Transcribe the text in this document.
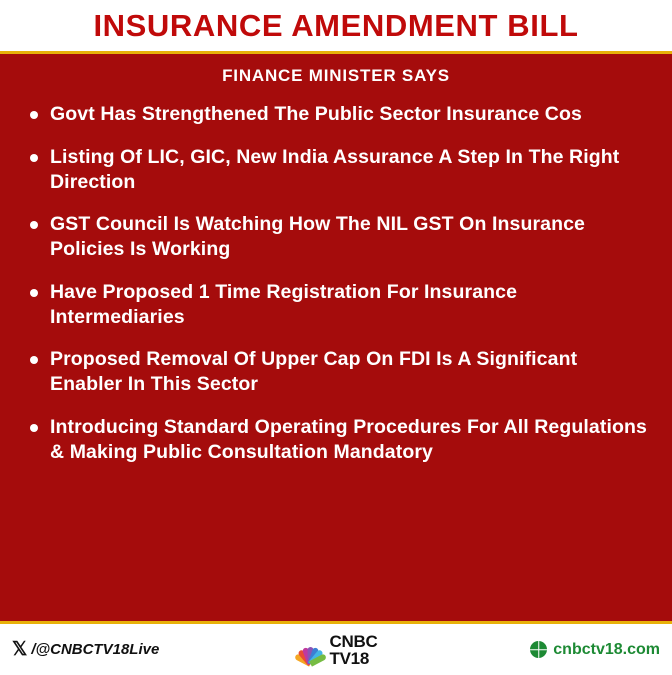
INSURANCE AMENDMENT BILL
FINANCE MINISTER SAYS
Govt Has Strengthened The Public Sector Insurance Cos
Listing Of LIC, GIC, New India Assurance A Step In The Right Direction
GST Council Is Watching How The NIL GST On Insurance Policies Is Working
Have Proposed 1 Time Registration For Insurance Intermediaries
Proposed Removal Of Upper Cap On FDI Is A Significant Enabler In This Sector
Introducing Standard Operating Procedures For All Regulations & Making Public Consultation Mandatory
𝕏 /@CNBCTV18Live	CNBC
TV18	cnbctv18.com
